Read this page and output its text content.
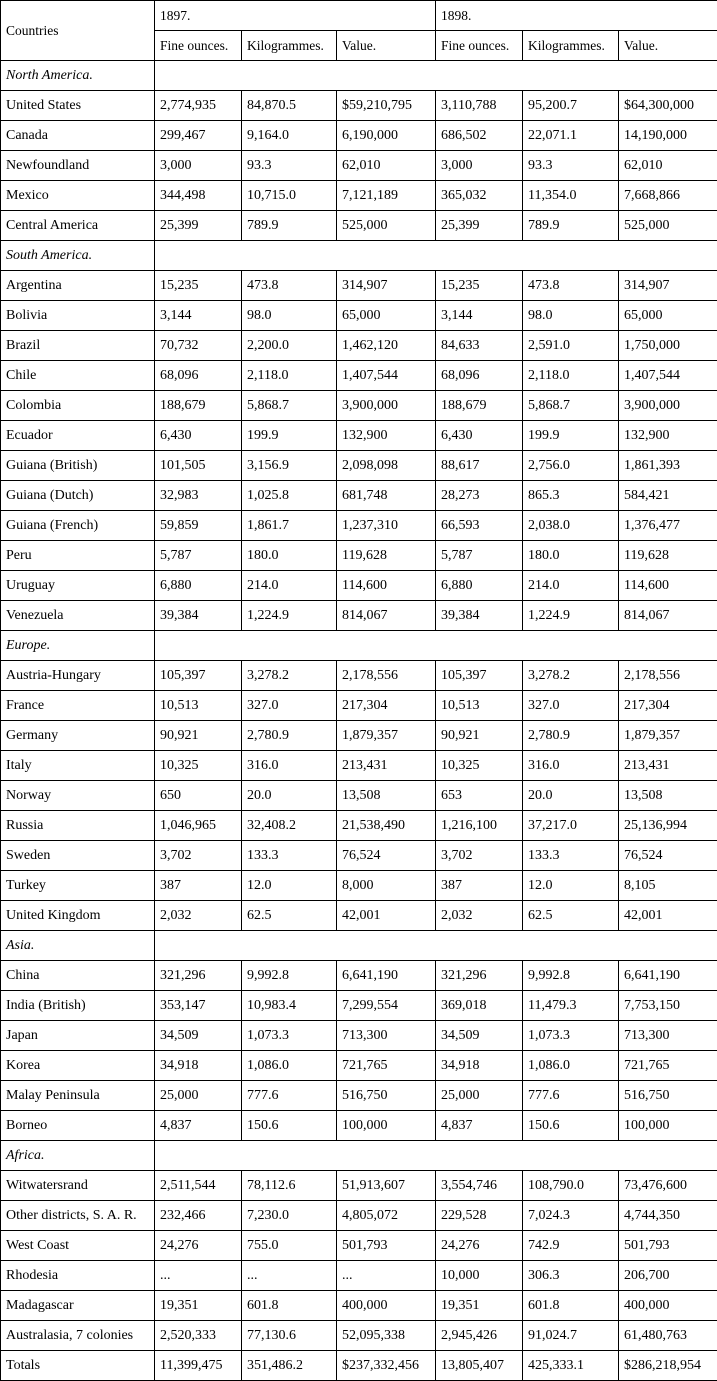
Countries	1897.			1898.		
	Fine ounces.	Kilogrammes.	Value.	Fine ounces.	Kilogrammes.	Value.
North America.						
United States	2,774,935	84,870.5	$59,210,795	3,110,788	95,200.7	$64,300,000
Canada	299,467	9,164.0	6,190,000	686,502	22,071.1	14,190,000
Newfoundland	3,000	93.3	62,010	3,000	93.3	62,010
Mexico	344,498	10,715.0	7,121,189	365,032	11,354.0	7,668,866
Central America	25,399	789.9	525,000	25,399	789.9	525,000
South America.						
Argentina	15,235	473.8	314,907	15,235	473.8	314,907
Bolivia	3,144	98.0	65,000	3,144	98.0	65,000
Brazil	70,732	2,200.0	1,462,120	84,633	2,591.0	1,750,000
Chile	68,096	2,118.0	1,407,544	68,096	2,118.0	1,407,544
Colombia	188,679	5,868.7	3,900,000	188,679	5,868.7	3,900,000
Ecuador	6,430	199.9	132,900	6,430	199.9	132,900
Guiana (British)	101,505	3,156.9	2,098,098	88,617	2,756.0	1,861,393
Guiana (Dutch)	32,983	1,025.8	681,748	28,273	865.3	584,421
Guiana (French)	59,859	1,861.7	1,237,310	66,593	2,038.0	1,376,477
Peru	5,787	180.0	119,628	5,787	180.0	119,628
Uruguay	6,880	214.0	114,600	6,880	214.0	114,600
Venezuela	39,384	1,224.9	814,067	39,384	1,224.9	814,067
Europe.						
Austria-Hungary	105,397	3,278.2	2,178,556	105,397	3,278.2	2,178,556
France	10,513	327.0	217,304	10,513	327.0	217,304
Germany	90,921	2,780.9	1,879,357	90,921	2,780.9	1,879,357
Italy	10,325	316.0	213,431	10,325	316.0	213,431
Norway	650	20.0	13,508	653	20.0	13,508
Russia	1,046,965	32,408.2	21,538,490	1,216,100	37,217.0	25,136,994
Sweden	3,702	133.3	76,524	3,702	133.3	76,524
Turkey	387	12.0	8,000	387	12.0	8,105
United Kingdom	2,032	62.5	42,001	2,032	62.5	42,001
Asia.						
China	321,296	9,992.8	6,641,190	321,296	9,992.8	6,641,190
India (British)	353,147	10,983.4	7,299,554	369,018	11,479.3	7,753,150
Japan	34,509	1,073.3	713,300	34,509	1,073.3	713,300
Korea	34,918	1,086.0	721,765	34,918	1,086.0	721,765
Malay Peninsula	25,000	777.6	516,750	25,000	777.6	516,750
Borneo	4,837	150.6	100,000	4,837	150.6	100,000
Africa.						
Witwatersrand	2,511,544	78,112.6	51,913,607	3,554,746	108,790.0	73,476,600
Other districts, S. A. R.	232,466	7,230.0	4,805,072	229,528	7,024.3	4,744,350
West Coast	24,276	755.0	501,793	24,276	742.9	501,793
Rhodesia	...	...	...	10,000	306.3	206,700
Madagascar	19,351	601.8	400,000	19,351	601.8	400,000
Australasia, 7 colonies	2,520,333	77,130.6	52,095,338	2,945,426	91,024.7	61,480,763
Totals	11,399,475	351,486.2	$237,332,456	13,805,407	425,333.1	$286,218,954
